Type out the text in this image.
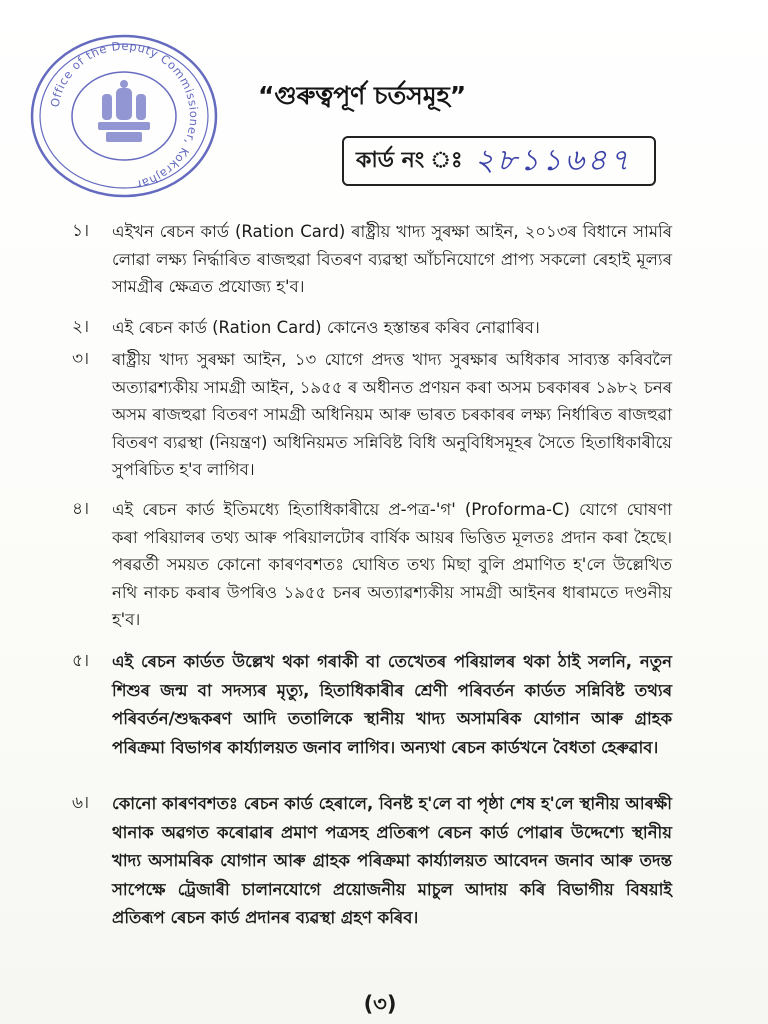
Office of the Deputy Commissioner, Kokrajhar
“গুৰুত্বপূৰ্ণ চৰ্তসমূহ”
কাৰ্ড নং ঃ ২৮১১৬৪৭
১। এইখন ৰেচন কাৰ্ড (Ration Card) ৰাষ্ট্ৰীয় খাদ্য সুৰক্ষা আইন, ২০১৩ৰ বিধানে সামৰি লোৱা লক্ষ্য নিৰ্দ্ধাৰিত ৰাজহুৱা বিতৰণ ব্যৱস্থা আঁচনিযোগে প্ৰাপ্য সকলো ৰেহাই মূল্যৰ সামগ্ৰীৰ ক্ষেত্ৰত প্ৰযোজ্য হ'ব।
২। এই ৰেচন কাৰ্ড (Ration Card) কোনেও হস্তান্তৰ কৰিব নোৱাৰিব।
৩। ৰাষ্ট্ৰীয় খাদ্য সুৰক্ষা আইন, ১৩ যোগে প্ৰদত্ত খাদ্য সুৰক্ষাৰ অধিকাৰ সাব্যস্ত কৰিবলৈ অত্যাৱশ্যকীয় সামগ্ৰী আইন, ১৯৫৫ ৰ অধীনত প্ৰণয়ন কৰা অসম চৰকাৰৰ ১৯৮২ চনৰ অসম ৰাজহুৱা বিতৰণ সামগ্ৰী অধিনিয়ম আৰু ভাৰত চৰকাৰৰ লক্ষ্য নিৰ্ধাৰিত ৰাজহুৱা বিতৰণ ব্যৱস্থা (নিয়ন্ত্ৰণ) অধিনিয়মত সন্নিবিষ্ট বিধি অনুবিধিসমূহৰ সৈতে হিতাধিকাৰীয়ে সুপৰিচিত হ'ব লাগিব।
৪। এই ৰেচন কাৰ্ড ইতিমধ্যে হিতাধিকাৰীয়ে প্ৰ-পত্ৰ-'গ' (Proforma-C) যোগে ঘোষণা কৰা পৰিয়ালৰ তথ্য আৰু পৰিয়ালটোৰ বাৰ্ষিক আয়ৰ ভিত্তিত মূলতঃ প্ৰদান কৰা হৈছে। পৰৱৰ্তী সময়ত কোনো কাৰণবশতঃ ঘোষিত তথ্য মিছা বুলি প্ৰমাণিত হ'লে উল্লেখিত নথি নাকচ কৰাৰ উপৰিও ১৯৫৫ চনৰ অত্যাৱশ্যকীয় সামগ্ৰী আইনৰ ধাৰামতে দণ্ডনীয় হ'ব।
৫। এই ৰেচন কাৰ্ডত উল্লেখ থকা গৰাকী বা তেখেতৰ পৰিয়ালৰ থকা ঠাই সলনি, নতুন শিশুৰ জন্ম বা সদস্যৰ মৃত্যু, হিতাধিকাৰীৰ শ্ৰেণী পৰিবৰ্তন কাৰ্ডত সন্নিবিষ্ট তথ্যৰ পৰিবৰ্তন/শুদ্ধকৰণ আদি ততালিকে স্থানীয় খাদ্য অসামৰিক যোগান আৰু গ্ৰাহক পৰিক্ৰমা বিভাগৰ কাৰ্য্যালয়ত জনাব লাগিব। অন্যথা ৰেচন কাৰ্ডখনে বৈধতা হেৰুৱাব।
৬। কোনো কাৰণবশতঃ ৰেচন কাৰ্ড হেৰালে, বিনষ্ট হ'লে বা পৃষ্ঠা শেষ হ'লে স্থানীয় আৰক্ষী থানাক অৱগত কৰোৱাৰ প্ৰমাণ পত্ৰসহ প্ৰতিৰূপ ৰেচন কাৰ্ড পোৱাৰ উদ্দেশ্যে স্থানীয় খাদ্য অসামৰিক যোগান আৰু গ্ৰাহক পৰিক্ৰমা কাৰ্য্যালয়ত আবেদন জনাব আৰু তদন্ত সাপেক্ষে ট্ৰেজাৰী চালানযোগে প্ৰয়োজনীয় মাচুল আদায় কৰি বিভাগীয় বিষয়াই প্ৰতিৰূপ ৰেচন কাৰ্ড প্ৰদানৰ ব্যৱস্থা গ্ৰহণ কৰিব।
(৩)
